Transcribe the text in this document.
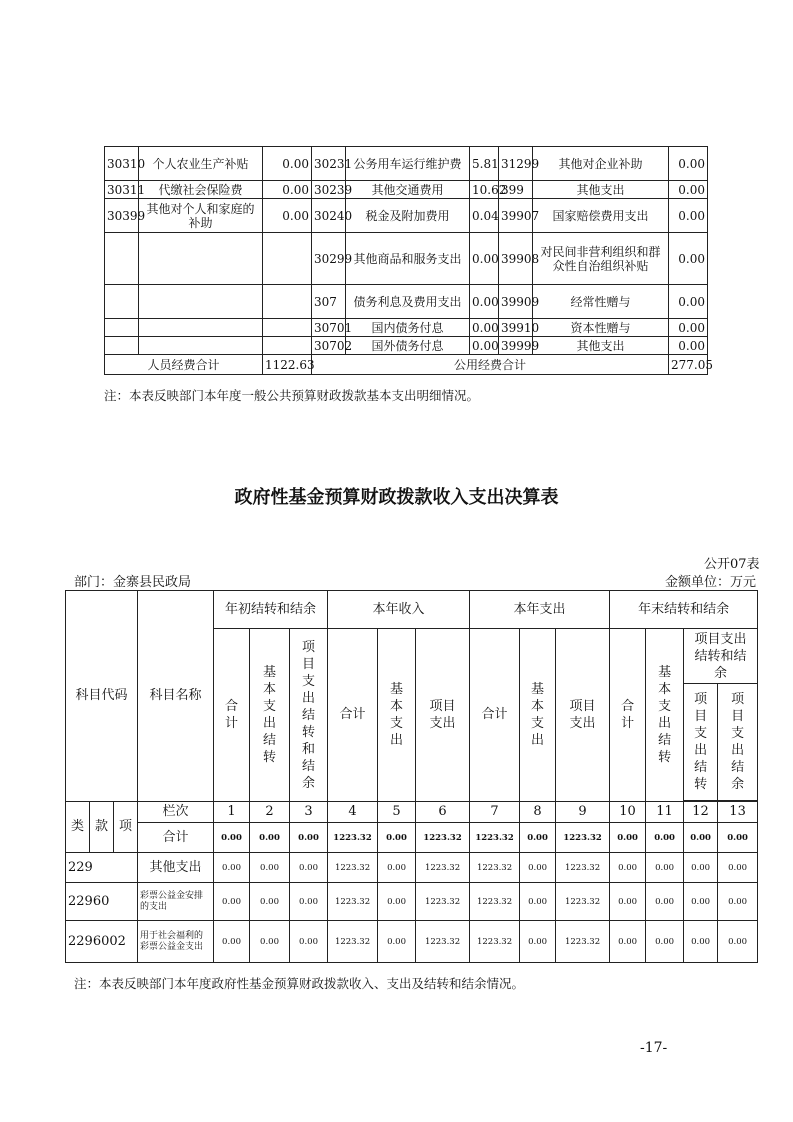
30310	个人农业生产补贴	0.00	30231	公务用车运行维护费	5.81	31299	其他对企业补助	0.00
30311	代缴社会保险费	0.00	30239	其他交通费用	10.62	399	其他支出	0.00
30399	其他对个人和家庭的补助	0.00	30240	税金及附加费用	0.04	39907	国家赔偿费用支出	0.00
			30299	其他商品和服务支出	0.00	39908	对民间非营利组织和群众性自治组织补贴	0.00
			307	债务利息及费用支出	0.00	39909	经常性赠与	0.00
			30701	国内债务付息	0.00	39910	资本性赠与	0.00
			30702	国外债务付息	0.00	39999	其他支出	0.00
人员经费合计		1122.63	公用经费合计					277.05
注：本表反映部门本年度一般公共预算财政拨款基本支出明细情况。
政府性基金预算财政拨款收入支出决算表
公开07表
部门：金寨县民政局	金额单位：万元
科目代码			科目名称	年初结转和结余			本年收入			本年支出			年末结转和结余			
				合计	基本支出结转	项目支出结转和结余	合计	基本支出	项目支出	合计	基本支出	项目支出	合计	基本支出结转	项目支出结转和结余	
															项目支出结转	项目支出结余

类	款	项	栏次	1	2	3	4	5	6	7	8	9	10	11	12	13
			合计	0.00	0.00	0.00	1223.32	0.00	1223.32	1223.32	0.00	1223.32	0.00	0.00	0.00	0.00
229			其他支出	0.00	0.00	0.00	1223.32	0.00	1223.32	1223.32	0.00	1223.32	0.00	0.00	0.00	0.00
22960			彩票公益金安排的支出	0.00	0.00	0.00	1223.32	0.00	1223.32	1223.32	0.00	1223.32	0.00	0.00	0.00	0.00
2296002			用于社会福利的彩票公益金支出	0.00	0.00	0.00	1223.32	0.00	1223.32	1223.32	0.00	1223.32	0.00	0.00	0.00	0.00
注：本表反映部门本年度政府性基金预算财政拨款收入、支出及结转和结余情况。
-17-
